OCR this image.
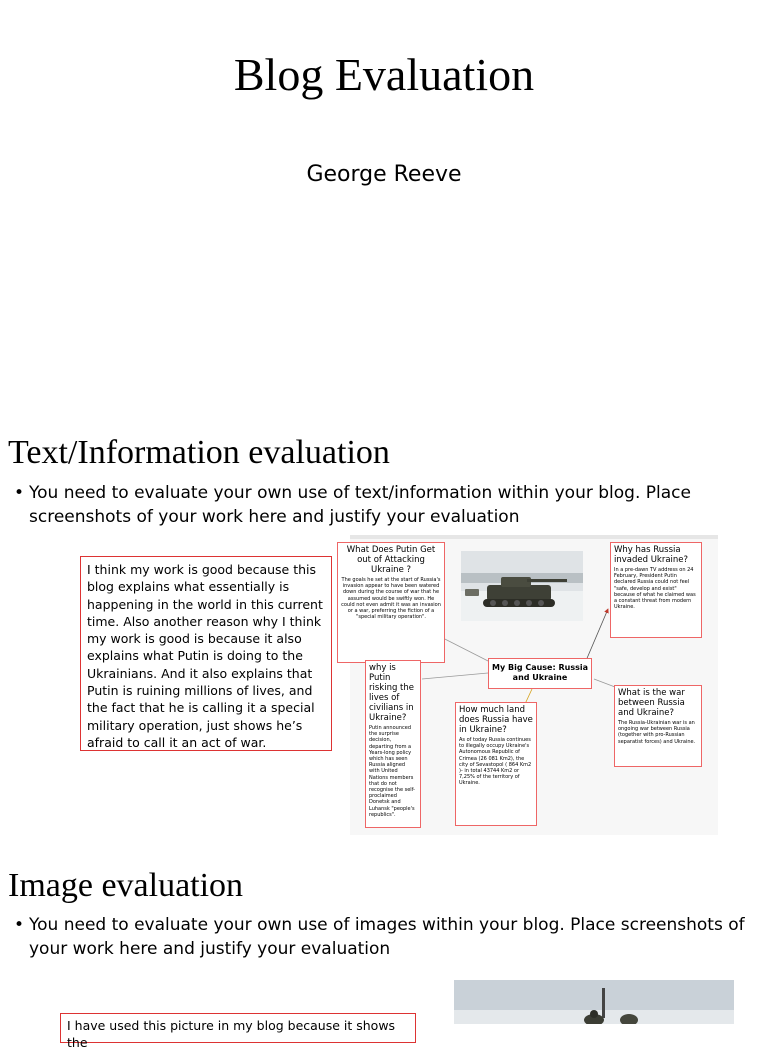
Blog Evaluation
George Reeve
Text/Information evaluation
• You need to evaluate your own use of text/information within your blog. Place screenshots of your work here and justify your evaluation
I think my work is good because this blog explains what essentially is happening in the world in this current time. Also another reason why I think my work is good is because it also explains what Putin is doing to the Ukrainians. And it also explains that Putin is ruining millions of lives, and the fact that he is calling it a special military operation, just shows he’s afraid to call it an act of war.
What Does Putin Get out of Attacking Ukraine ?
The goals he set at the start of Russia's invasion appear to have been watered down during the course of war that he assumed would be swiftly won. He could not even admit it was an invasion or a war, preferring the fiction of a "special military operation".
Why has Russia invaded Ukraine?
In a pre-dawn TV address on 24 February, President Putin declared Russia could not feel "safe, develop and exist" because of what he claimed was a constant threat from modern Ukraine.
why is Putin risking the lives of civilians in Ukraine?
Putin announced the surprise decision, departing from a Years-long policy which has seen Russia aligned with United Nations members that do not recognise the self-proclaimed Donetsk and Luhansk "people's republics".
My Big Cause: Russia and Ukraine
How much land does Russia have in Ukraine?
As of today Russia continues to illegally occupy Ukraine's Autonomous Republic of Crimea (26 081 Km2), the city of Sevastopol ( 864 Km2 )- in total 43744 Km2 or 7,25% of the territory of Ukraine.
What is the war between Russia and Ukraine?
The Russia-Ukrainian war is an ongoing war between Russia (together with pro-Russian separatist forces) and Ukraine.
Image evaluation
• You need to evaluate your own use of images within your blog. Place screenshots of your work here and justify your evaluation
I have used this picture in my blog because it shows the
